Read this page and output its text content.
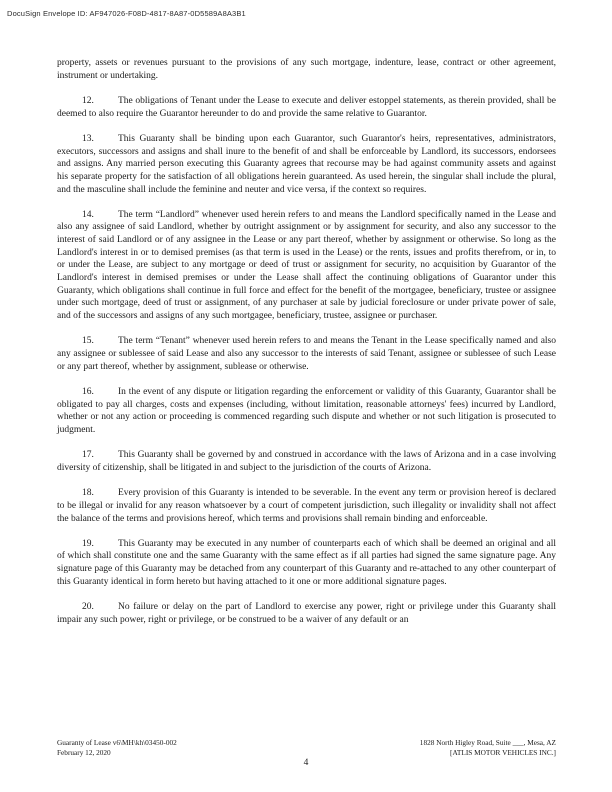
DocuSign Envelope ID: AF947026-F08D-4817-8A87-0D5589A8A3B1

property, assets or revenues pursuant to the provisions of any such mortgage, indenture, lease, contract or other agreement, instrument or undertaking.

12.	The obligations of Tenant under the Lease to execute and deliver estoppel statements, as therein provided, shall be deemed to also require the Guarantor hereunder to do and provide the same relative to Guarantor.

13.	This Guaranty shall be binding upon each Guarantor, such Guarantor's heirs, representatives, administrators, executors, successors and assigns and shall inure to the benefit of and shall be enforceable by Landlord, its successors, endorsees and assigns. Any married person executing this Guaranty agrees that recourse may be had against community assets and against his separate property for the satisfaction of all obligations herein guaranteed. As used herein, the singular shall include the plural, and the masculine shall include the feminine and neuter and vice versa, if the context so requires.

14.	The term “Landlord” whenever used herein refers to and means the Landlord specifically named in the Lease and also any assignee of said Landlord, whether by outright assignment or by assignment for security, and also any successor to the interest of said Landlord or of any assignee in the Lease or any part thereof, whether by assignment or otherwise. So long as the Landlord's interest in or to demised premises (as that term is used in the Lease) or the rents, issues and profits therefrom, or in, to or under the Lease, are subject to any mortgage or deed of trust or assignment for security, no acquisition by Guarantor of the Landlord's interest in demised premises or under the Lease shall affect the continuing obligations of Guarantor under this Guaranty, which obligations shall continue in full force and effect for the benefit of the mortgagee, beneficiary, trustee or assignee under such mortgage, deed of trust or assignment, of any purchaser at sale by judicial foreclosure or under private power of sale, and of the successors and assigns of any such mortgagee, beneficiary, trustee, assignee or purchaser.

15.	The term “Tenant” whenever used herein refers to and means the Tenant in the Lease specifically named and also any assignee or sublessee of said Lease and also any successor to the interests of said Tenant, assignee or sublessee of such Lease or any part thereof, whether by assignment, sublease or otherwise.

16.	In the event of any dispute or litigation regarding the enforcement or validity of this Guaranty, Guarantor shall be obligated to pay all charges, costs and expenses (including, without limitation, reasonable attorneys' fees) incurred by Landlord, whether or not any action or proceeding is commenced regarding such dispute and whether or not such litigation is prosecuted to judgment.

17.	This Guaranty shall be governed by and construed in accordance with the laws of Arizona and in a case involving diversity of citizenship, shall be litigated in and subject to the jurisdiction of the courts of Arizona.

18.	Every provision of this Guaranty is intended to be severable. In the event any term or provision hereof is declared to be illegal or invalid for any reason whatsoever by a court of competent jurisdiction, such illegality or invalidity shall not affect the balance of the terms and provisions hereof, which terms and provisions shall remain binding and enforceable.

19.	This Guaranty may be executed in any number of counterparts each of which shall be deemed an original and all of which shall constitute one and the same Guaranty with the same effect as if all parties had signed the same signature page. Any signature page of this Guaranty may be detached from any counterpart of this Guaranty and re-attached to any other counterpart of this Guaranty identical in form hereto but having attached to it one or more additional signature pages.

20.	No failure or delay on the part of Landlord to exercise any power, right or privilege under this Guaranty shall impair any such power, right or privilege, or be construed to be a waiver of any default or an

Guaranty of Lease v6\MH\kh\03450-002
February 12, 2020
1828 North Higley Road, Suite ___, Mesa, AZ
[ATLIS MOTOR VEHICLES INC.]
4
